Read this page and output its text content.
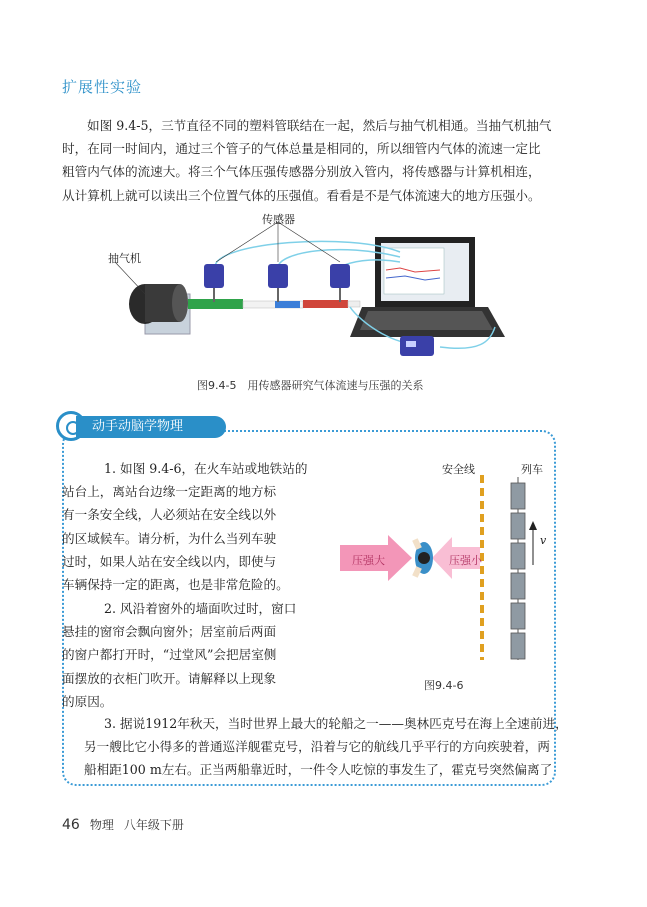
扩展性实验

如图 9.4-5，三节直径不同的塑料管联结在一起，然后与抽气机相通。当抽气机抽气
时，在同一时间内，通过三个管子的气体总量是相同的，所以细管内气体的流速一定比
粗管内气体的流速大。将三个气体压强传感器分别放入管内，将传感器与计算机相连，
从计算机上就可以读出三个位置气体的压强值。看看是不是气体流速大的地方压强小。

传感器
抽气机
图9.4-5　用传感器研究气体流速与压强的关系
动手动脑学物理

1. 如图 9.4-6，在火车站或地铁站的
站台上，离站台边缘一定距离的地方标
有一条安全线，人必须站在安全线以外
的区域候车。请分析，为什么当列车驶
过时，如果人站在安全线以内，即使与
车辆保持一定的距离，也是非常危险的。

2. 风沿着窗外的墙面吹过时，窗口
悬挂的窗帘会飘向窗外；居室前后两面
的窗户都打开时，“过堂风”会把居室侧
面摆放的衣柜门吹开。请解释以上现象
的原因。

安全线	列车
压强大	压强小
v
图9.4-6

3. 据说1912年秋天，当时世界上最大的轮船之一——奥林匹克号在海上全速前进，
另一艘比它小得多的普通巡洋舰霍克号，沿着与它的航线几乎平行的方向疾驶着，两
船相距100 m左右。正当两船靠近时，一件令人吃惊的事发生了，霍克号突然偏离了

46 物理 八年级下册
